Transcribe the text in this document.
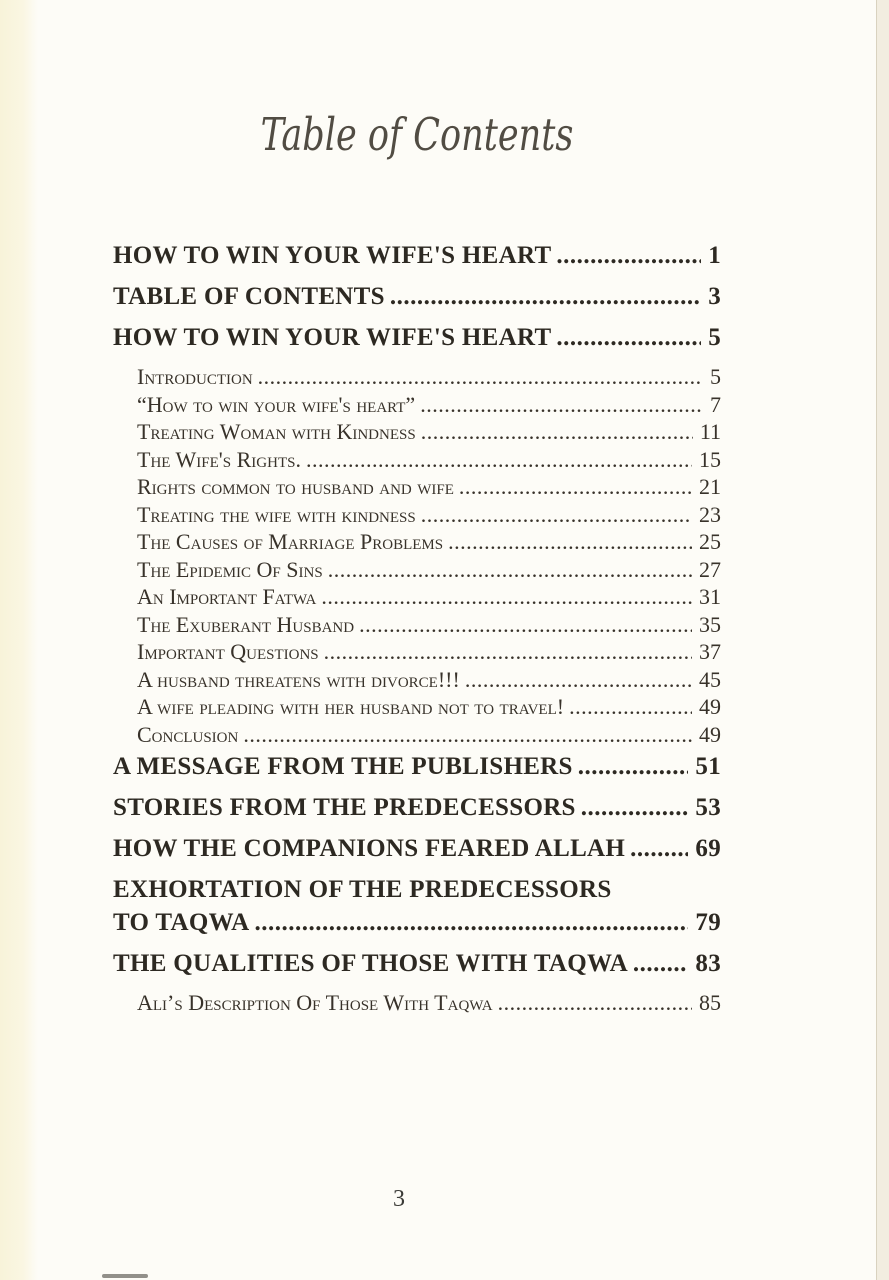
Table of Contents
HOW TO WIN YOUR WIFE'S HEART .....	1
TABLE OF CONTENTS .....	3
HOW TO WIN YOUR WIFE'S HEART .....	5
Introduction .....	5
“How to win your wife's heart” .....	7
Treating Woman with Kindness .....	11
The Wife's Rights. .....	15
Rights common to husband and wife .....	21
Treating the wife with kindness .....	23
The Causes of Marriage Problems .....	25
The Epidemic Of Sins .....	27
An Important Fatwa .....	31
The Exuberant Husband .....	35
Important Questions .....	37
A husband threatens with divorce!!! .....	45
A wife pleading with her husband not to travel! .....	49
Conclusion .....	49
A MESSAGE FROM THE PUBLISHERS .....	51
STORIES FROM THE PREDECESSORS .....	53
HOW THE COMPANIONS FEARED ALLAH .....	69
EXHORTATION OF THE PREDECESSORS
TO TAQWA .....	79
THE QUALITIES OF THOSE WITH TAQWA .....	83
Ali’s Description Of Those With Taqwa .....	85
3
